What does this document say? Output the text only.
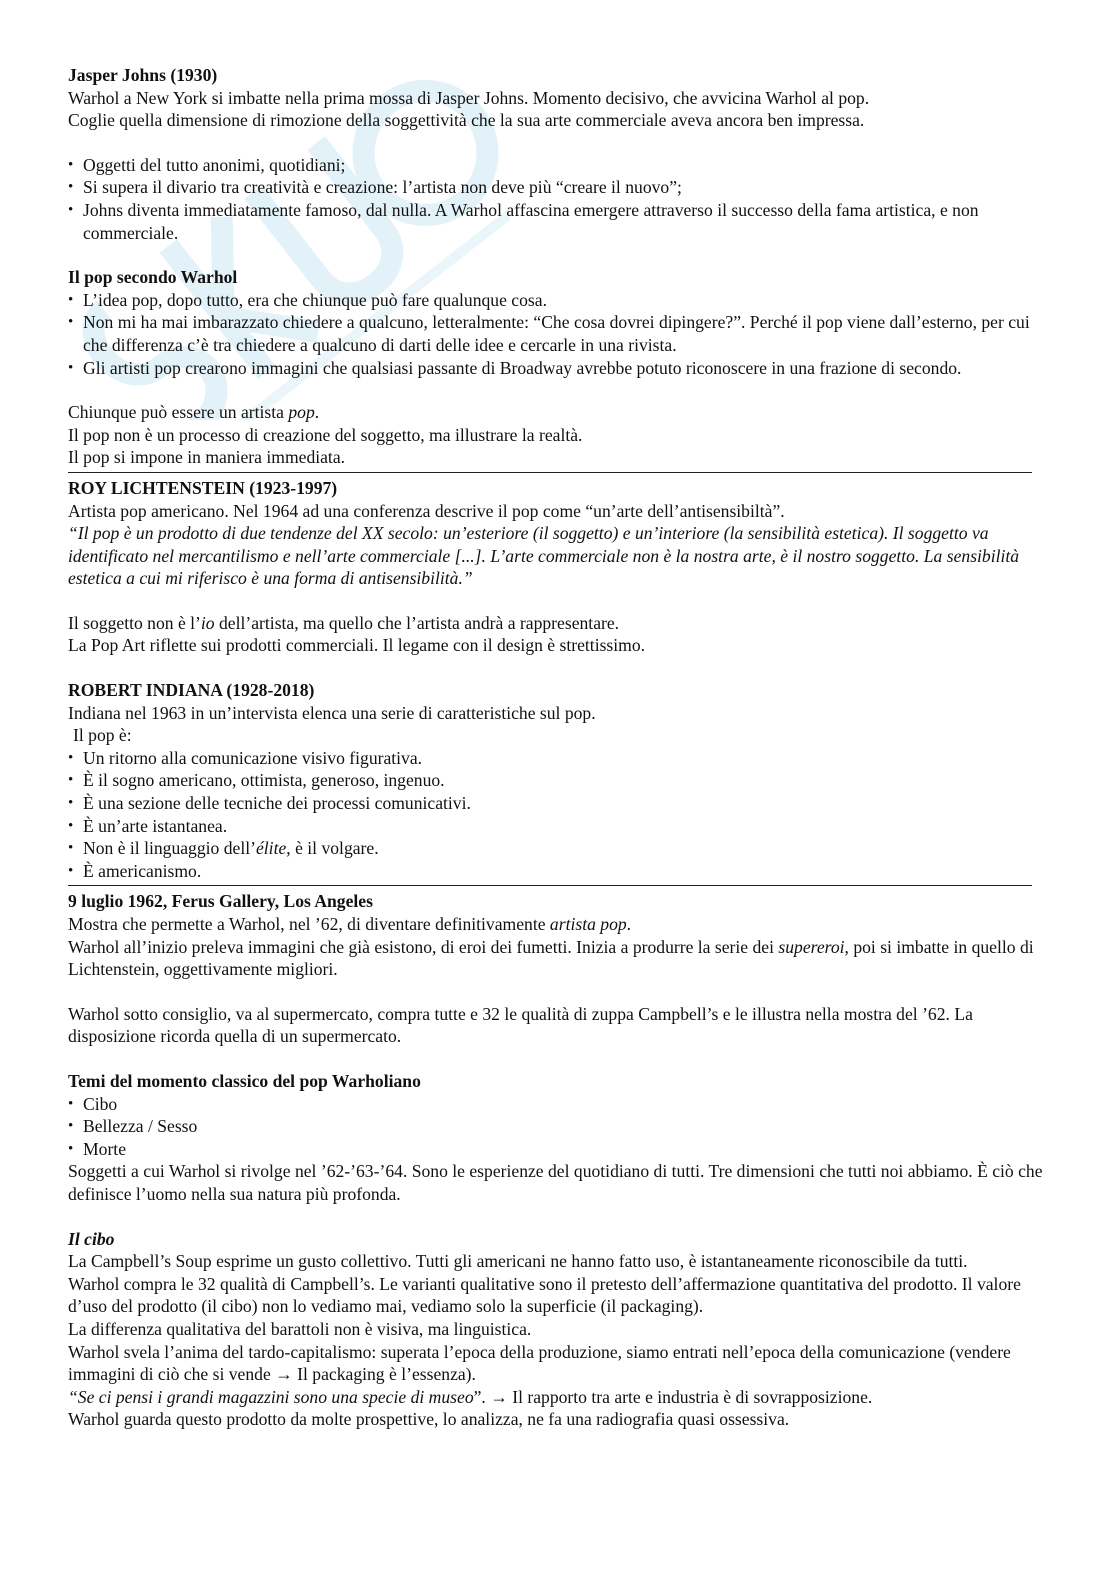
Jasper Johns (1930)

Warhol a New York si imbatte nella prima mossa di Jasper Johns. Momento decisivo, che avvicina Warhol al pop.

Coglie quella dimensione di rimozione della soggettività che la sua arte commerciale aveva ancora ben impressa.

• Oggetti del tutto anonimi, quotidiani;
• Si supera il divario tra creatività e creazione: l’artista non deve più “creare il nuovo”;
• Johns diventa immediatamente famoso, dal nulla. A Warhol affascina emergere attraverso il successo della fama artistica, e non commerciale.

Il pop secondo Warhol

• L’idea pop, dopo tutto, era che chiunque può fare qualunque cosa.
• Non mi ha mai imbarazzato chiedere a qualcuno, letteralmente: “Che cosa dovrei dipingere?”. Perché il pop viene dall’esterno, per cui che differenza c’è tra chiedere a qualcuno di darti delle idee e cercarle in una rivista.
• Gli artisti pop crearono immagini che qualsiasi passante di Broadway avrebbe potuto riconoscere in una frazione di secondo.

Chiunque può essere un artista pop.

Il pop non è un processo di creazione del soggetto, ma illustrare la realtà.

Il pop si impone in maniera immediata.

ROY LICHTENSTEIN (1923-1997)

Artista pop americano. Nel 1964 ad una conferenza descrive il pop come “un’arte dell’antisensibiltà”.

“Il pop è un prodotto di due tendenze del XX secolo: un’esteriore (il soggetto) e un’interiore (la sensibilità estetica). Il soggetto va identificato nel mercantilismo e nell’arte commerciale [...]. L’arte commerciale non è la nostra arte, è il nostro soggetto. La sensibilità estetica a cui mi riferisco è una forma di antisensibilità.”

Il soggetto non è l’io dell’artista, ma quello che l’artista andrà a rappresentare.

La Pop Art riflette sui prodotti commerciali. Il legame con il design è strettissimo.

ROBERT INDIANA (1928-2018)

Indiana nel 1963 in un’intervista elenca una serie di caratteristiche sul pop.

Il pop è:

• Un ritorno alla comunicazione visivo figurativa.
• È il sogno americano, ottimista, generoso, ingenuo.
• È una sezione delle tecniche dei processi comunicativi.
• È un’arte istantanea.
• Non è il linguaggio dell’élite, è il volgare.
• È americanismo.

9 luglio 1962, Ferus Gallery, Los Angeles

Mostra che permette a Warhol, nel ’62, di diventare definitivamente artista pop.

Warhol all’inizio preleva immagini che già esistono, di eroi dei fumetti. Inizia a produrre la serie dei supereroi, poi si imbatte in quello di Lichtenstein, oggettivamente migliori.

Warhol sotto consiglio, va al supermercato, compra tutte e 32 le qualità di zuppa Campbell’s e le illustra nella mostra del ’62. La disposizione ricorda quella di un supermercato.

Temi del momento classico del pop Warholiano

• Cibo
• Bellezza / Sesso
• Morte

Soggetti a cui Warhol si rivolge nel ’62-’63-’64. Sono le esperienze del quotidiano di tutti. Tre dimensioni che tutti noi abbiamo. È ciò che definisce l’uomo nella sua natura più profonda.

Il cibo

La Campbell’s Soup esprime un gusto collettivo. Tutti gli americani ne hanno fatto uso, è istantaneamente riconoscibile da tutti.

Warhol compra le 32 qualità di Campbell’s. Le varianti qualitative sono il pretesto dell’affermazione quantitativa del prodotto. Il valore d’uso del prodotto (il cibo) non lo vediamo mai, vediamo solo la superficie (il packaging).

La differenza qualitativa del barattoli non è visiva, ma linguistica.

Warhol svela l’anima del tardo-capitalismo: superata l’epoca della produzione, siamo entrati nell’epoca della comunicazione (vendere immagini di ciò che si vende → Il packaging è l’essenza).

“Se ci pensi i grandi magazzini sono una specie di museo”. → Il rapporto tra arte e industria è di sovrapposizione.

Warhol guarda questo prodotto da molte prospettive, lo analizza, ne fa una radiografia quasi ossessiva.
